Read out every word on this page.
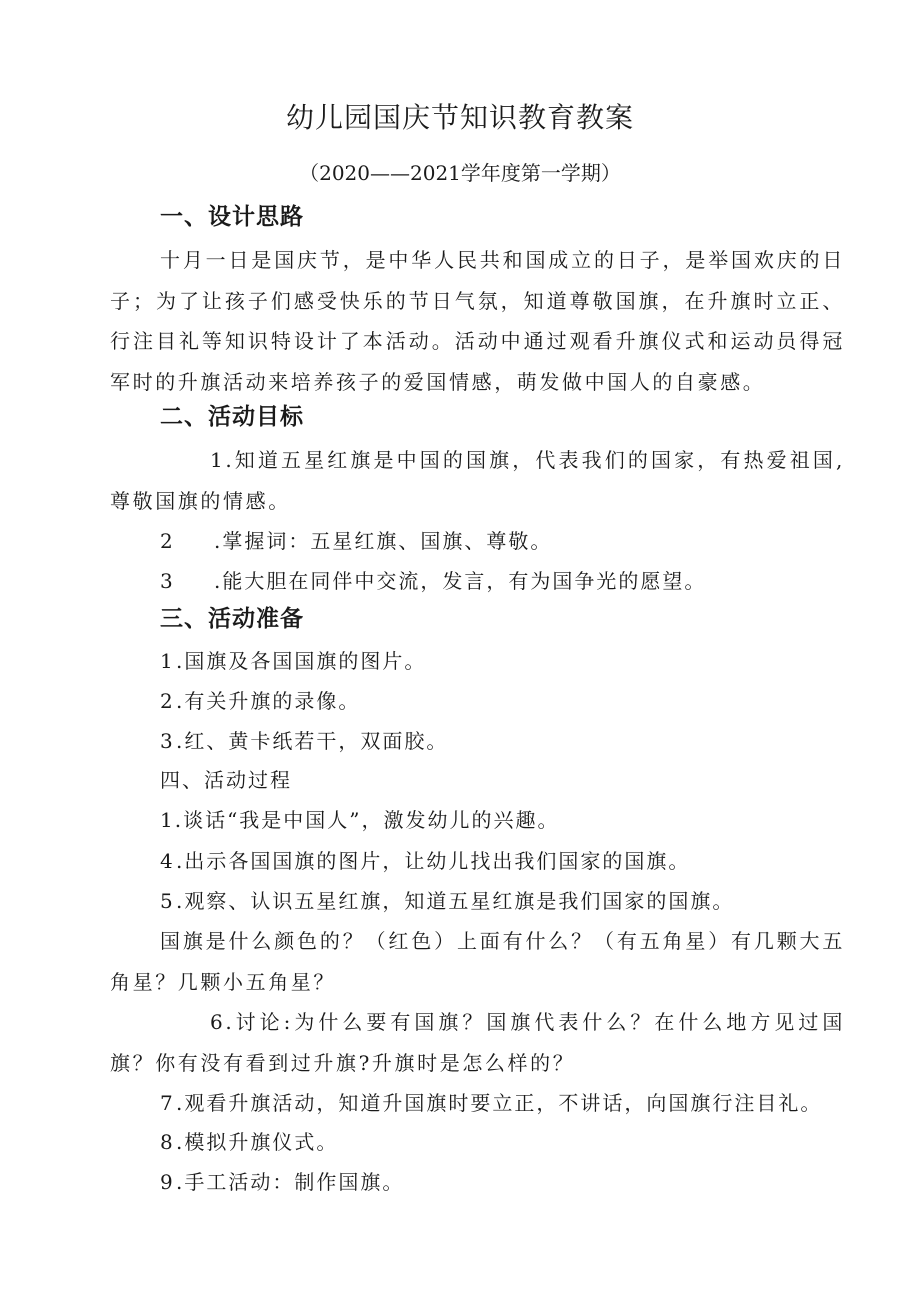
幼儿园国庆节知识教育教案
（2020——2021学年度第一学期）
一、设计思路
十月一日是国庆节，是中华人民共和国成立的日子，是举国欢庆的日子；为了让孩子们感受快乐的节日气氛，知道尊敬国旗，在升旗时立正、行注目礼等知识特设计了本活动。活动中通过观看升旗仪式和运动员得冠军时的升旗活动来培养孩子的爱国情感，萌发做中国人的自豪感。
二、活动目标
1.知道五星红旗是中国的国旗，代表我们的国家，有热爱祖国,尊敬国旗的情感。
2 .掌握词：五星红旗、国旗、尊敬。
3 .能大胆在同伴中交流，发言，有为国争光的愿望。
三、活动准备
1.国旗及各国国旗的图片。
2.有关升旗的录像。
3.红、黄卡纸若干，双面胶。
四、活动过程
1.谈话“我是中国人”，激发幼儿的兴趣。
4.出示各国国旗的图片，让幼儿找出我们国家的国旗。
5.观察、认识五星红旗，知道五星红旗是我们国家的国旗。
国旗是什么颜色的？（红色）上面有什么？（有五角星）有几颗大五角星？几颗小五角星？
6.讨论:为什么要有国旗？国旗代表什么？在什么地方见过国旗？你有没有看到过升旗?升旗时是怎么样的？
7.观看升旗活动，知道升国旗时要立正，不讲话，向国旗行注目礼。
8.模拟升旗仪式。
9.手工活动：制作国旗。
